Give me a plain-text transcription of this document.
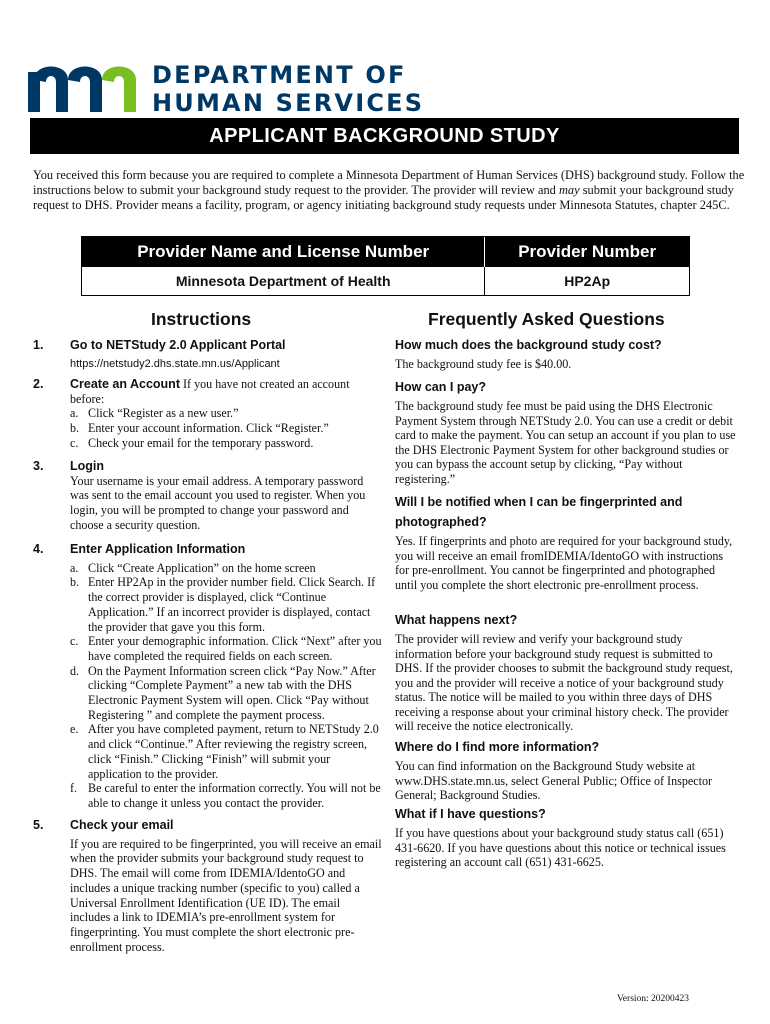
DEPARTMENT OF
HUMAN SERVICES
APPLICANT BACKGROUND STUDY
You received this form because you are required to complete a Minnesota Department of Human Services (DHS) background study. Follow the instructions below to submit your background study request to the provider. The provider will review and may submit your background study request to DHS. Provider means a facility, program, or agency initiating background study requests under Minnesota Statutes, chapter 245C.
Provider Name and License Number	Provider Number
Minnesota Department of Health	HP2Ap
Instructions	Frequently Asked Questions
1. Go to NETStudy 2.0 Applicant Portal
https://netstudy2.dhs.state.mn.us/Applicant
2. Create an Account If you have not created an account before:
a. Click “Register as a new user.”
b. Enter your account information. Click “Register.”
c. Check your email for the temporary password.
3. Login
Your username is your email address. A temporary password was sent to the email account you used to register. When you login, you will be prompted to change your password and choose a security question.
4. Enter Application Information
a. Click “Create Application” on the home screen
b. Enter HP2Ap in the provider number field. Click Search. If the correct provider is displayed, click “Continue Application.” If an incorrect provider is displayed, contact the provider that gave you this form.
c. Enter your demographic information. Click “Next” after you have completed the required fields on each screen.
d. On the Payment Information screen click “Pay Now.” After clicking “Complete Payment” a new tab with the DHS Electronic Payment System will open. Click “Pay without Registering ” and complete the payment process.
e. After you have completed payment, return to NETStudy 2.0 and click “Continue.” After reviewing the registry screen, click “Finish.” Clicking “Finish” will submit your application to the provider.
f. Be careful to enter the information correctly. You will not be able to change it unless you contact the provider.
5. Check your email
If you are required to be fingerprinted, you will receive an email when the provider submits your background study request to DHS. The email will come from IDEMIA/IdentoGO and includes a unique tracking number (specific to you) called a Universal Enrollment Identification (UE ID). The email includes a link to IDEMIA’s pre-enrollment system for fingerprinting. You must complete the short electronic pre-enrollment process.
How much does the background study cost?
The background study fee is $40.00.
How can I pay?
The background study fee must be paid using the DHS Electronic Payment System through NETStudy 2.0. You can use a credit or debit card to make the payment. You can setup an account if you plan to use the DHS Electronic Payment System for other background studies or you can bypass the account setup by clicking, “Pay without registering.”
Will I be notified when I can be fingerprinted and photographed?
Yes. If fingerprints and photo are required for your background study, you will receive an email fromIDEMIA/IdentoGO with instructions for pre-enrollment. You cannot be fingerprinted and photographed until you complete the short electronic pre-enrollment process.
What happens next?
The provider will review and verify your background study information before your background study request is submitted to DHS. If the provider chooses to submit the background study request, you and the provider will receive a notice of your background study status. The notice will be mailed to you within three days of DHS receiving a response about your criminal history check. The provider will receive the notice electronically.
Where do I find more information?
You can find information on the Background Study website at www.DHS.state.mn.us, select General Public; Office of Inspector General; Background Studies.
What if I have questions?
If you have questions about your background study status call (651) 431-6620. If you have questions about this notice or technical issues registering an account call (651) 431-6625.
Version: 20200423
